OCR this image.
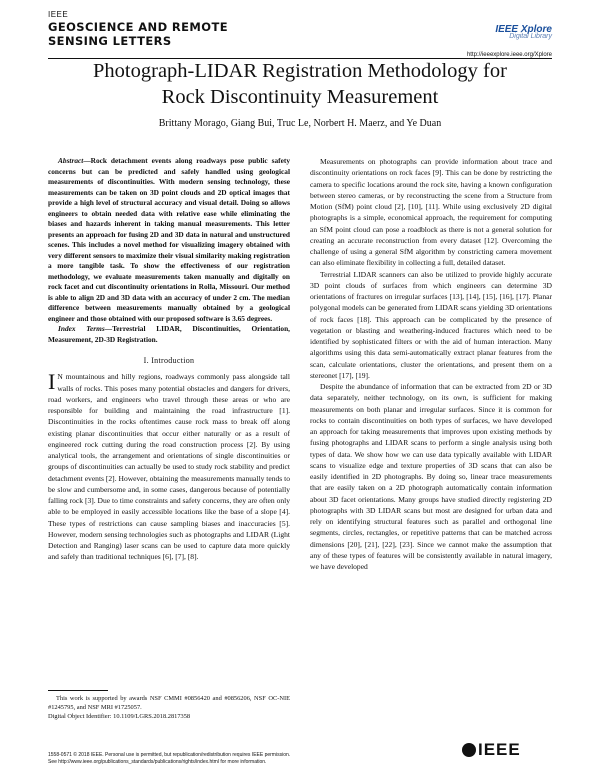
IEEE
GEOSCIENCE AND REMOTE
SENSING LETTERS
IEEE Xplore
Digital Library
http://ieeexplore.ieee.org/Xplore
Photograph-LIDAR Registration Methodology for
Rock Discontinuity Measurement
Brittany Morago, Giang Bui, Truc Le, Norbert H. Maerz, and Ye Duan

Abstract—Rock detachment events along roadways pose public safety concerns but can be predicted and safely handled using geological measurements of discontinuities. With modern sensing technology, these measurements can be taken on 3D point clouds and 2D optical images that provide a high level of structural accuracy and visual detail. Doing so allows engineers to obtain needed data with relative ease while eliminating the biases and hazards inherent in taking manual measurements. This letter presents an approach for fusing 2D and 3D data in natural and unstructured scenes. This includes a novel method for visualizing imagery obtained with very different sensors to maximize their visual similarity making registration a more tangible task. To show the effectiveness of our registration methodology, we evaluate measurements taken manually and digitally on rock facet and cut discontinuity orientations in Rolla, Missouri. Our method is able to align 2D and 3D data with an accuracy of under 2 cm. The median difference between measurements manually obtained by a geological engineer and those obtained with our proposed software is 3.65 degrees.

Index Terms—Terrestrial LIDAR, Discontinuities, Orientation, Measurement, 2D-3D Registration.

I. Introduction

I N mountainous and hilly regions, roadways commonly pass alongside tall walls of rocks. This poses many potential obstacles and dangers for drivers, road workers, and engineers who travel through these areas or who are responsible for building and maintaining the road infrastructure [1]. Discontinuities in the rocks oftentimes cause rock mass to break off along existing planar discontinuities that occur either naturally or as a result of engineered rock cutting during the road construction process [2]. By using analytical tools, the arrangement and orientations of single discontinuities or groups of discontinuities can actually be used to study rock stability and predict detachment events [2]. However, obtaining the measurements manually tends to be slow and cumbersome and, in some cases, dangerous because of potentially falling rock [3]. Due to time constraints and safety concerns, they are often only able to be employed in easily accessible locations like the base of a slope [4]. These types of restrictions can cause sampling biases and inaccuracies [5]. However, modern sensing technologies such as photographs and LIDAR (Light Detection and Ranging) laser scans can be used to capture data more quickly and safely than traditional techniques [6], [7], [8].

This work is supported by awards NSF CMMI #0856420 and #0856206, NSF OC-NIE #1245795, and NSF MRI #1725057.

Digital Object Identifier: 10.1109/LGRS.2018.2817358

Measurements on photographs can provide information about trace and discontinuity orientations on rock faces [9]. This can be done by restricting the camera to specific locations around the rock site, having a known configuration between stereo cameras, or by reconstructing the scene from a Structure from Motion (SfM) point cloud [2], [10], [11]. While using exclusively 2D digital photographs is a simple, economical approach, the requirement for computing an SfM point cloud can pose a roadblock as there is not a general solution for creating an accurate reconstruction from every dataset [12]. Overcoming the challenge of using a general SfM algorithm by constricting camera movement can also eliminate flexibility in collecting a full, detailed dataset.

Terrestrial LIDAR scanners can also be utilized to provide highly accurate 3D point clouds of surfaces from which engineers can determine 3D orientations of fractures on irregular surfaces [13], [14], [15], [16], [17]. Planar polygonal models can be generated from LIDAR scans yielding 3D orientations of rock faces [18]. This approach can be complicated by the presence of vegetation or blasting and weathering-induced fractures which need to be identified by sophisticated filters or with the aid of human interaction. Many algorithms using this data semi-automatically extract planar features from the scan, calculate orientations, cluster the orientations, and present them on a stereonet [17], [19].

Despite the abundance of information that can be extracted from 2D or 3D data separately, neither technology, on its own, is sufficient for making measurements on both planar and irregular surfaces. Since it is common for rocks to contain discontinuities on both types of surfaces, we have developed an approach for taking measurements that improves upon existing methods by fusing photographs and LIDAR scans to perform a single analysis using both types of data. We show how we can use data typically available with LIDAR scans to visualize edge and texture properties of 3D scans that can also be easily identified in 2D photographs. By doing so, linear trace measurements that are easily taken on a 2D photograph automatically contain information about 3D facet orientations. Many groups have studied directly registering 2D photographs with 3D LIDAR scans but most are designed for urban data and rely on identifying structural features such as parallel and orthogonal line segments, circles, rectangles, or repetitive patterns that can be matched across dimensions [20], [21], [22], [23]. Since we cannot make the assumption that any of these types of features will be consistently available in natural imagery, we have developed

1558-0571 © 2018 IEEE. Personal use is permitted, but republication/redistribution requires IEEE permission.
See http://www.ieee.org/publications_standards/publications/rights/index.html for more information.
IEEE
